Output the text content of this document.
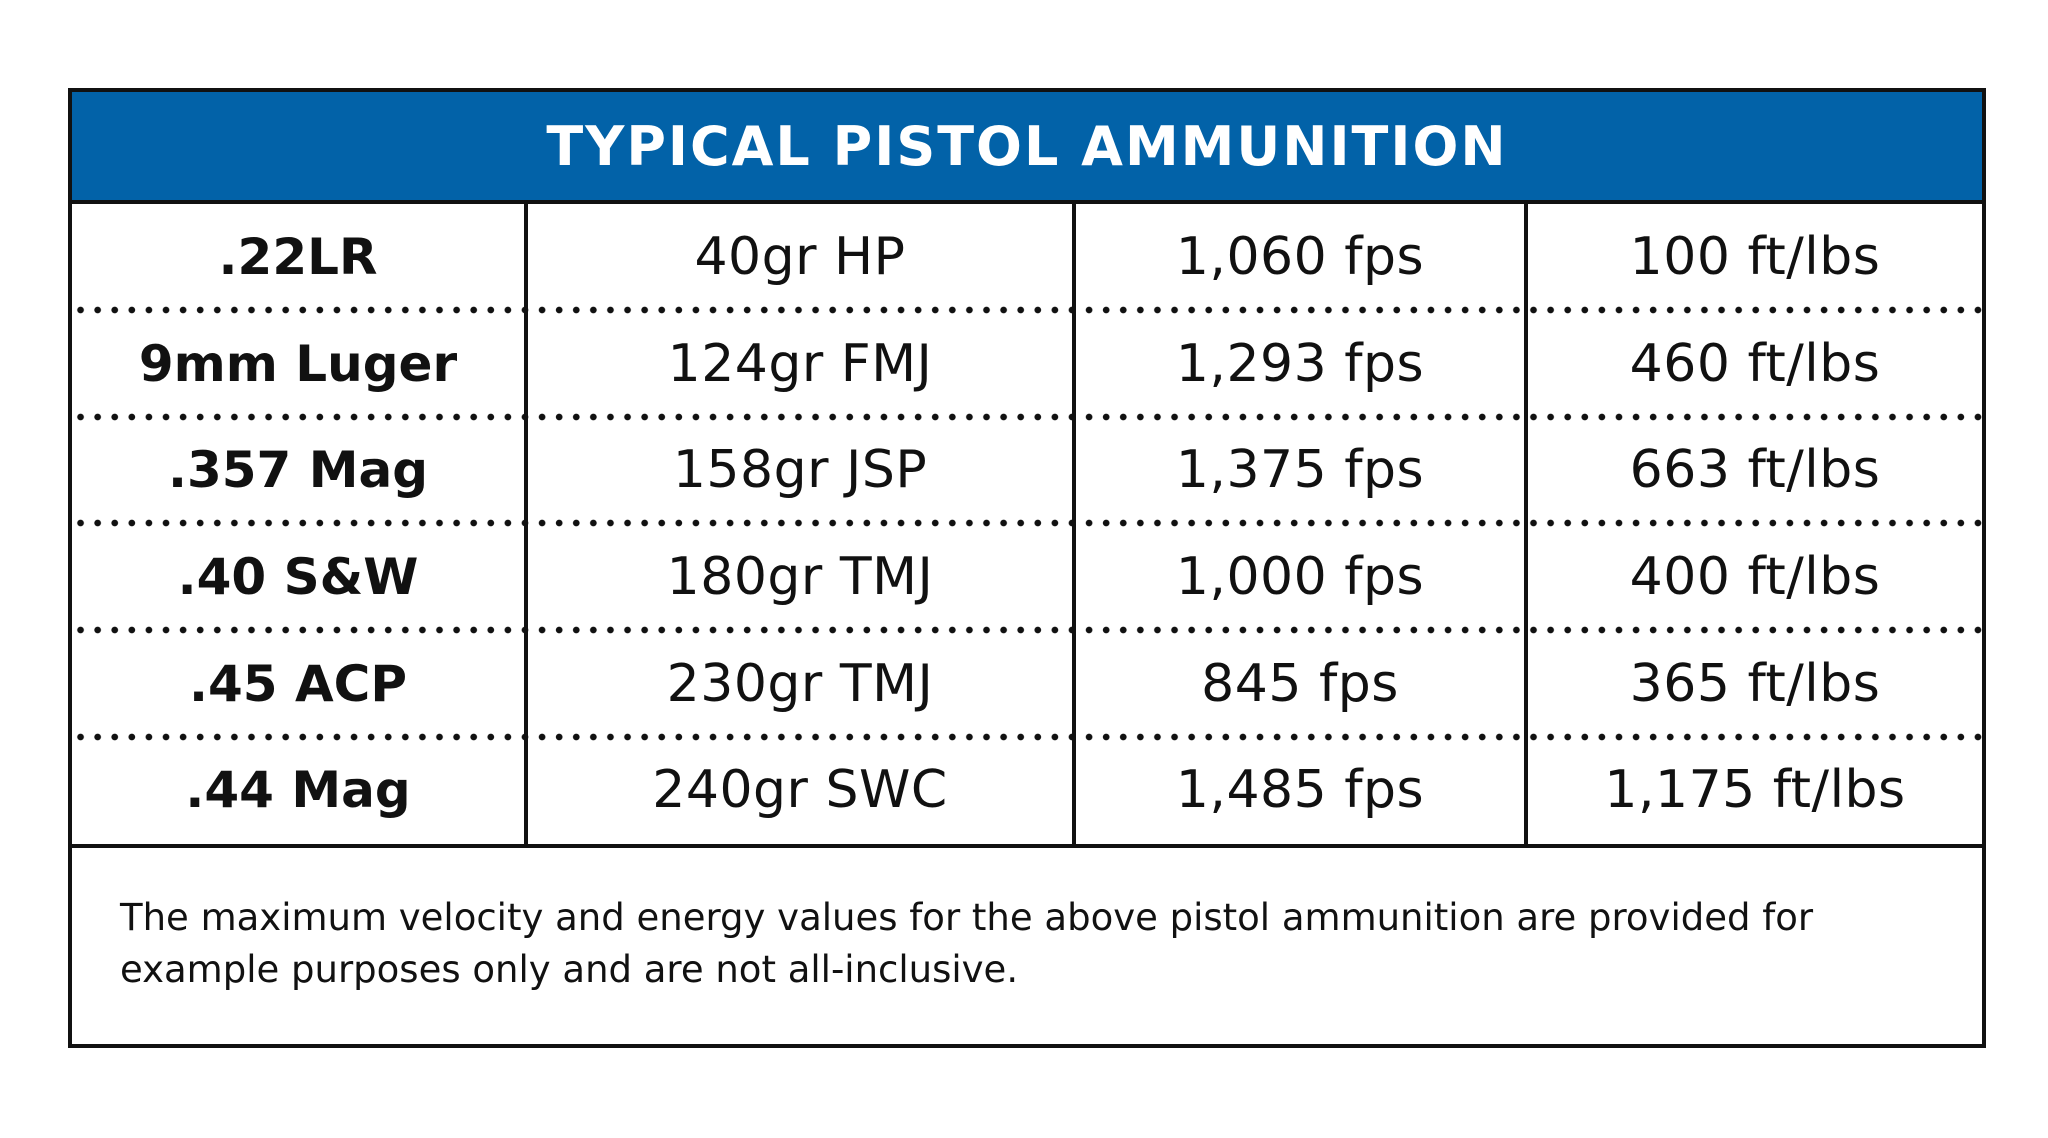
TYPICAL PISTOL AMMUNITION
.22LR	40gr HP	1,060 fps	100 ft/lbs
9mm Luger	124gr FMJ	1,293 fps	460 ft/lbs
.357 Mag	158gr JSP	1,375 fps	663 ft/lbs
.40 S&W	180gr TMJ	1,000 fps	400 ft/lbs
.45 ACP	230gr TMJ	845 fps	365 ft/lbs
.44 Mag	240gr SWC	1,485 fps	1,175 ft/lbs
The maximum velocity and energy values for the above pistol ammunition are provided for example purposes only and are not all-inclusive.
